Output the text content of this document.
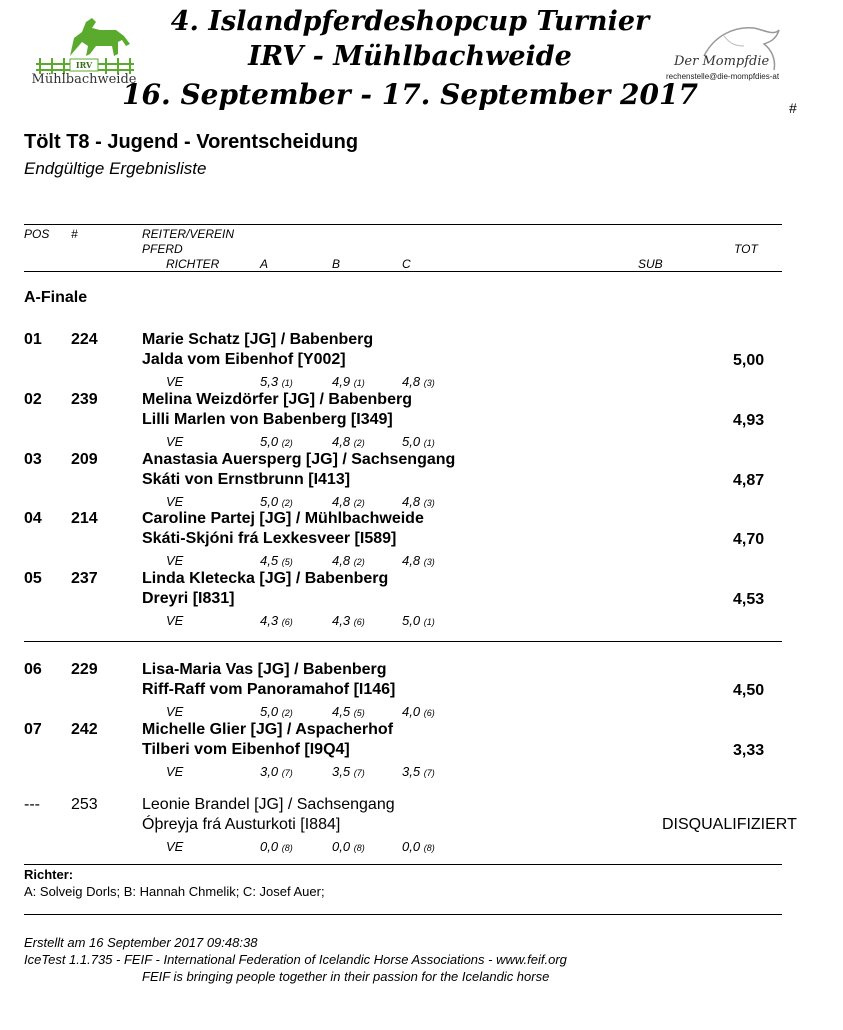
IRV
Mühlbachweide
4. Islandpferdeshopcup Turnier
IRV - Mühlbachweide
16. September - 17. September 2017
Der Mompfdie
rechenstelle@die-mompfdies-at
#
Tölt T8 - Jugend - Vorentscheidung
Endgültige Ergebnisliste
POS #	REITER/VEREIN
PFERD	TOT
RICHTER	A	B	C	SUB
A-Finale
01 224	Marie Schatz [JG] / Babenberg
Jalda vom Eibenhof [Y002]	5,00
VE	5,3 (1)	4,9 (1)	4,8 (3)
02 239	Melina Weizdörfer [JG] / Babenberg
Lilli Marlen von Babenberg [I349]	4,93
VE	5,0 (2)	4,8 (2)	5,0 (1)
03 209	Anastasia Auersperg [JG] / Sachsengang
Skáti von Ernstbrunn [I413]	4,87
VE	5,0 (2)	4,8 (2)	4,8 (3)
04 214	Caroline Partej [JG] / Mühlbachweide
Skáti-Skjóni frá Lexkesveer [I589]	4,70
VE	4,5 (5)	4,8 (2)	4,8 (3)
05 237	Linda Kletecka [JG] / Babenberg
Dreyri [I831]	4,53
VE	4,3 (6)	4,3 (6)	5,0 (1)
06 229	Lisa-Maria Vas [JG] / Babenberg
Riff-Raff vom Panoramahof [I146]	4,50
VE	5,0 (2)	4,5 (5)	4,0 (6)
07 242	Michelle Glier [JG] / Aspacherhof
Tilberi vom Eibenhof [I9Q4]	3,33
VE	3,0 (7)	3,5 (7)	3,5 (7)
--- 253	Leonie Brandel [JG] / Sachsengang
Óþreyja frá Austurkoti [I884]	DISQUALIFIZIERT
VE	0,0 (8)	0,0 (8)	0,0 (8)
Richter:
A: Solveig Dorls; B: Hannah Chmelik; C: Josef Auer;
Erstellt am 16 September 2017 09:48:38
IceTest 1.1.735 - FEIF - International Federation of Icelandic Horse Associations - www.feif.org
FEIF is bringing people together in their passion for the Icelandic horse
